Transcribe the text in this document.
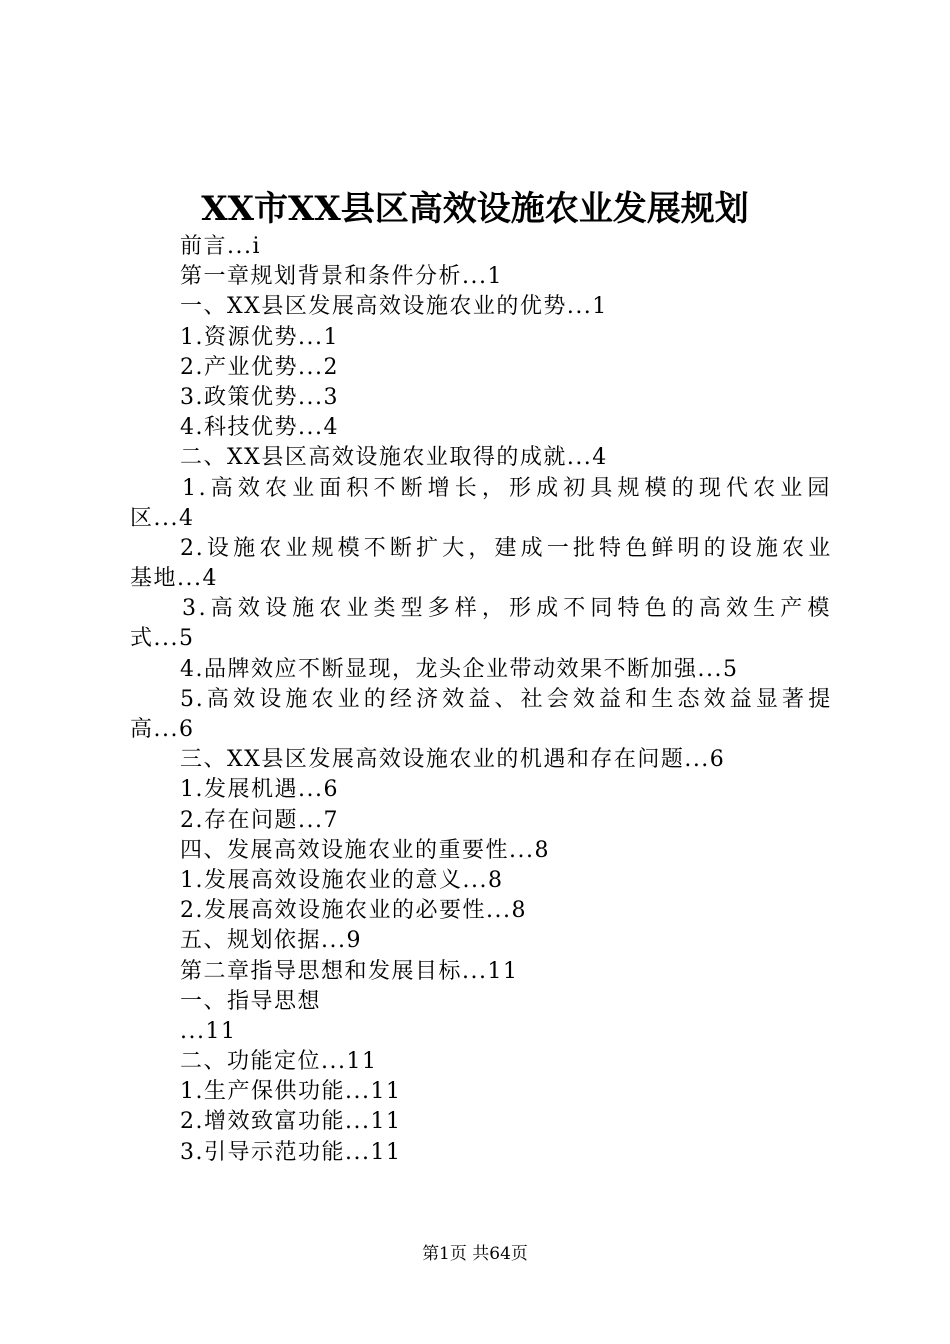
XX市XX县区高效设施农业发展规划
前言...i
第一章规划背景和条件分析...1
一、XX县区发展高效设施农业的优势...1
1.资源优势...1
2.产业优势...2
3.政策优势...3
4.科技优势...4
二、XX县区高效设施农业取得的成就...4
1.高效农业面积不断增长，形成初具规模的现代农业园
区...4
2.设施农业规模不断扩大，建成一批特色鲜明的设施农业
基地...4
3.高效设施农业类型多样，形成不同特色的高效生产模
式...5
4.品牌效应不断显现，龙头企业带动效果不断加强...5
5.高效设施农业的经济效益、社会效益和生态效益显著提
高...6
三、XX县区发展高效设施农业的机遇和存在问题...6
1.发展机遇...6
2.存在问题...7
四、发展高效设施农业的重要性...8
1.发展高效设施农业的意义...8
2.发展高效设施农业的必要性...8
五、规划依据...9
第二章指导思想和发展目标...11
一、指导思想
...11
二、功能定位...11
1.生产保供功能...11
2.增效致富功能...11
3.引导示范功能...11
第1页 共64页
